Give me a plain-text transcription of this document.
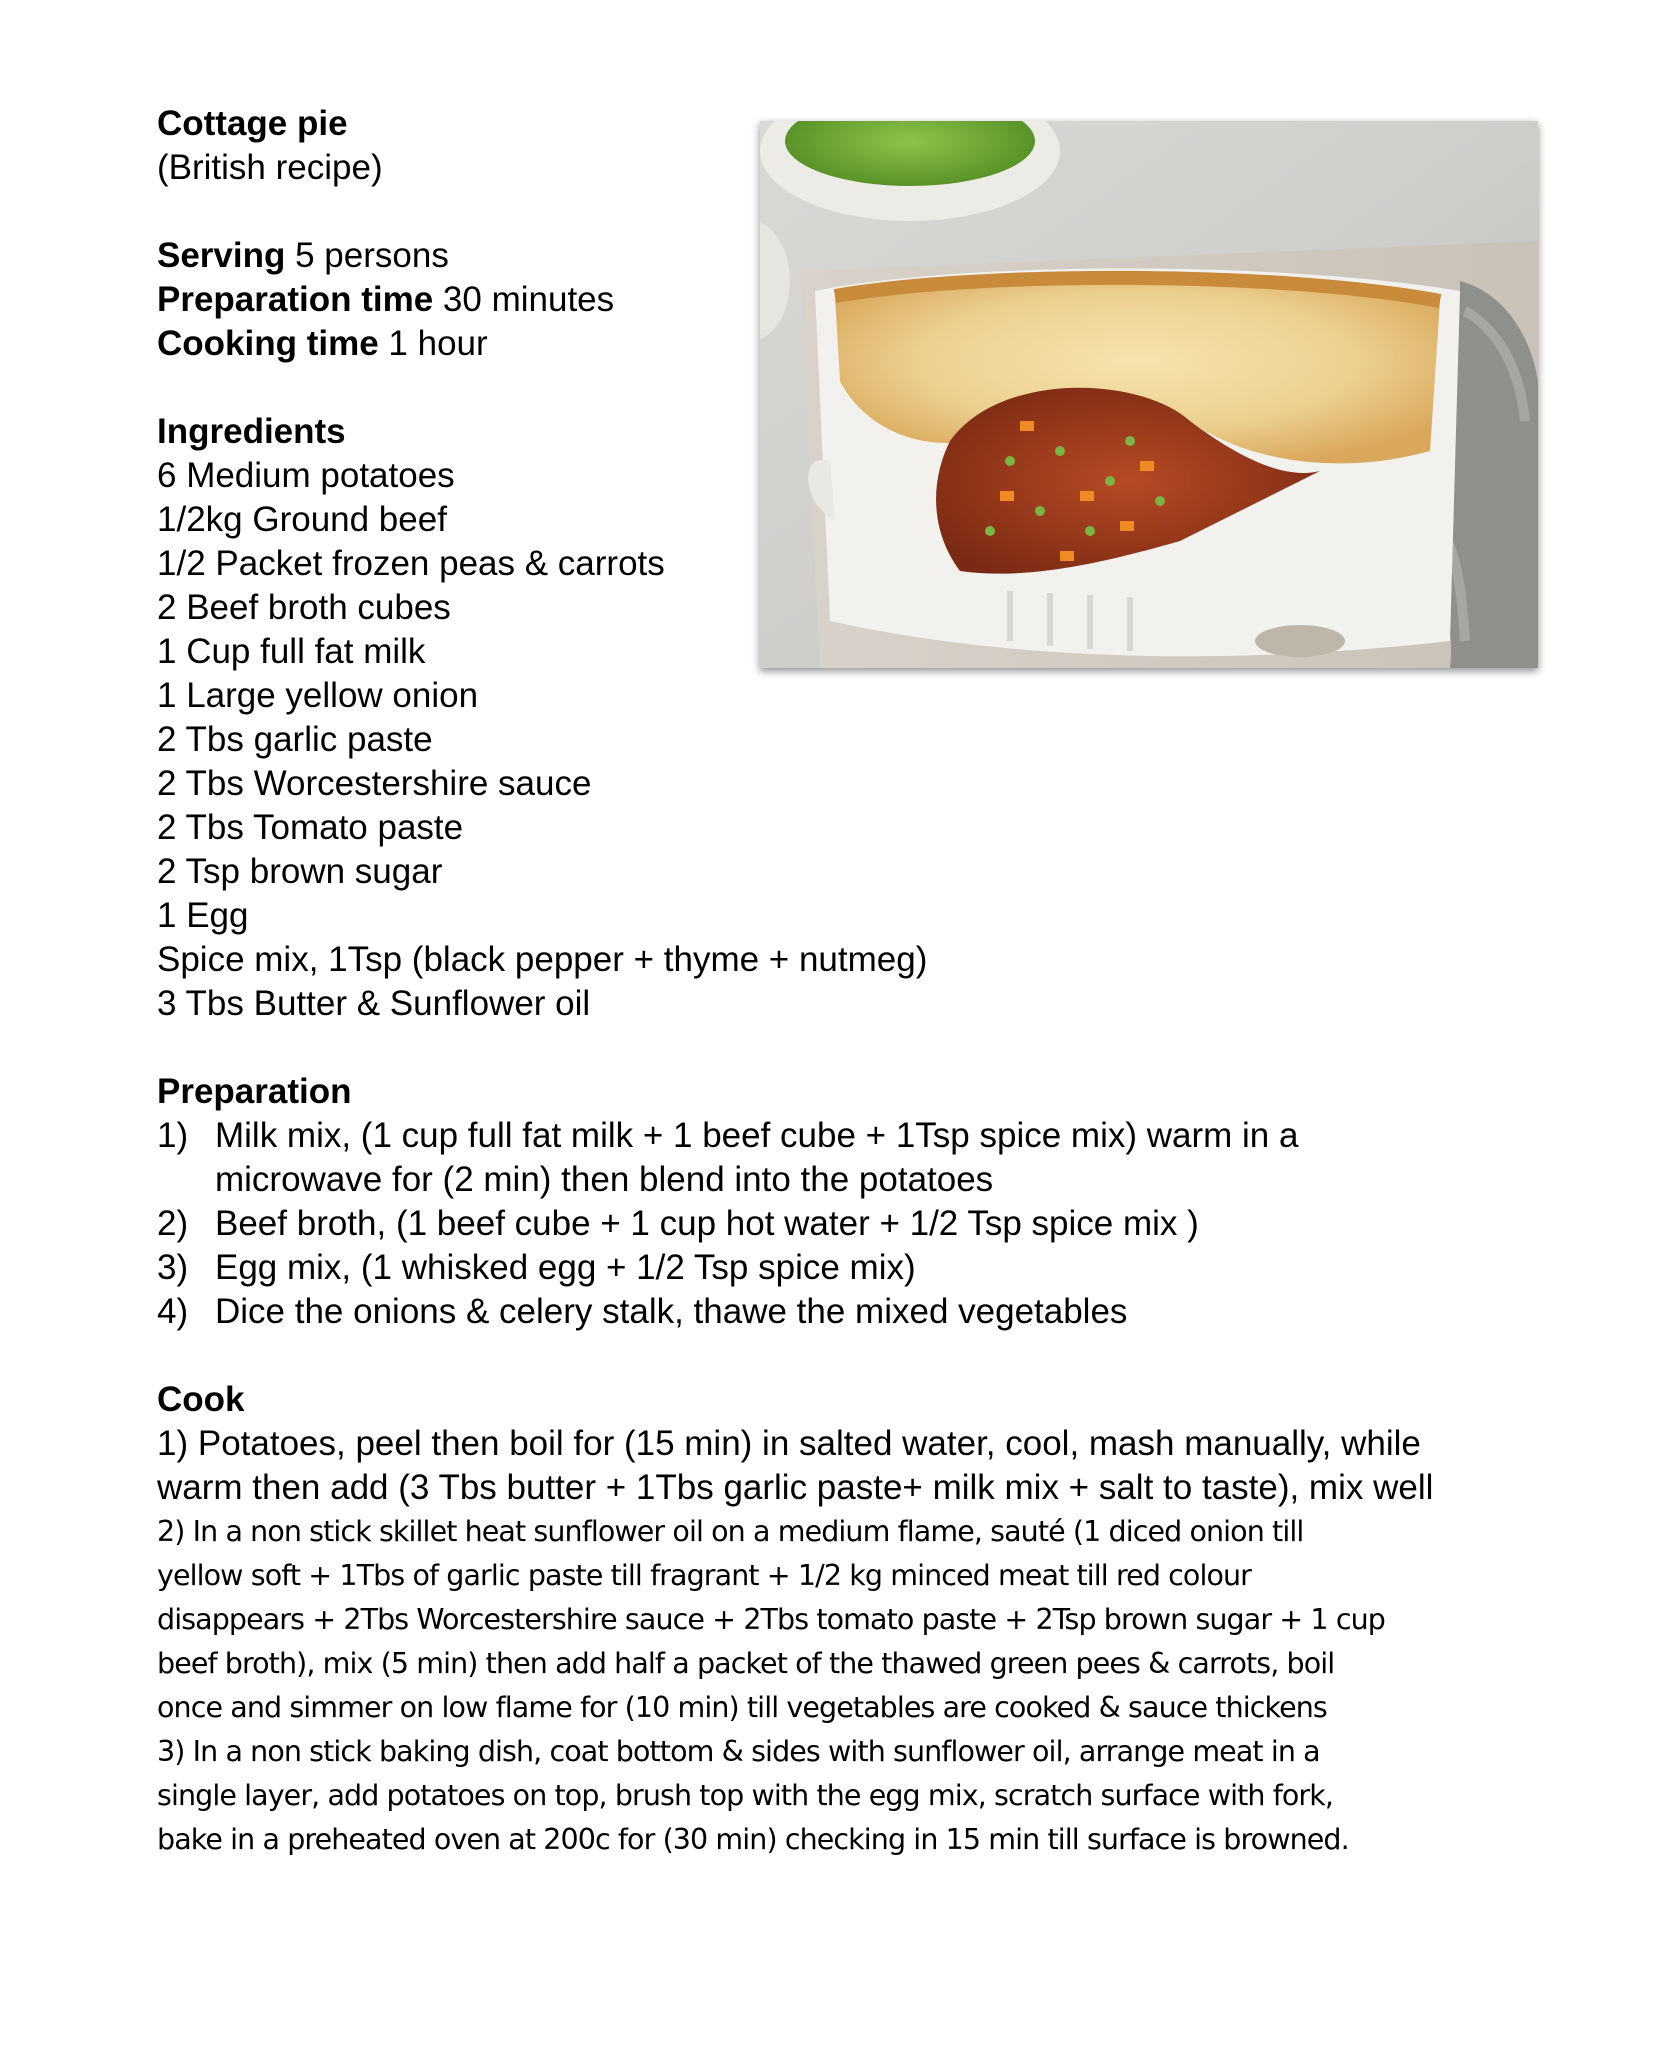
Cottage pie
(British recipe)
Serving 5 persons
Preparation time 30 minutes
Cooking time 1 hour
Ingredients
6 Medium potatoes
1/2kg Ground beef
1/2 Packet frozen peas & carrots
2 Beef broth cubes
1 Cup full fat milk
1 Large yellow onion
2 Tbs garlic paste
2 Tbs Worcestershire sauce
2 Tbs Tomato paste
2 Tsp brown sugar
1 Egg
Spice mix, 1Tsp (black pepper + thyme + nutmeg)
3 Tbs Butter & Sunflower oil
Preparation
1) Milk mix, (1 cup full fat milk + 1 beef cube + 1Tsp spice mix) warm in a
microwave for (2 min) then blend into the potatoes
2) Beef broth, (1 beef cube + 1 cup hot water + 1/2 Tsp spice mix )
3) Egg mix, (1 whisked egg + 1/2 Tsp spice mix)
4) Dice the onions & celery stalk, thawe the mixed vegetables
Cook
1) Potatoes, peel then boil for (15 min) in salted water, cool, mash manually, while
warm then add (3 Tbs butter + 1Tbs garlic paste+ milk mix + salt to taste), mix well
2) In a non stick skillet heat sunflower oil on a medium flame, sauté (1 diced onion till
yellow soft + 1Tbs of garlic paste till fragrant + 1/2 kg minced meat till red colour
disappears + 2Tbs Worcestershire sauce + 2Tbs tomato paste + 2Tsp brown sugar + 1 cup
beef broth), mix (5 min) then add half a packet of the thawed green pees & carrots, boil
once and simmer on low flame for (10 min) till vegetables are cooked & sauce thickens
3) In a non stick baking dish, coat bottom & sides with sunflower oil, arrange meat in a
single layer, add potatoes on top, brush top with the egg mix, scratch surface with fork,
bake in a preheated oven at 200c for (30 min) checking in 15 min till surface is browned.
